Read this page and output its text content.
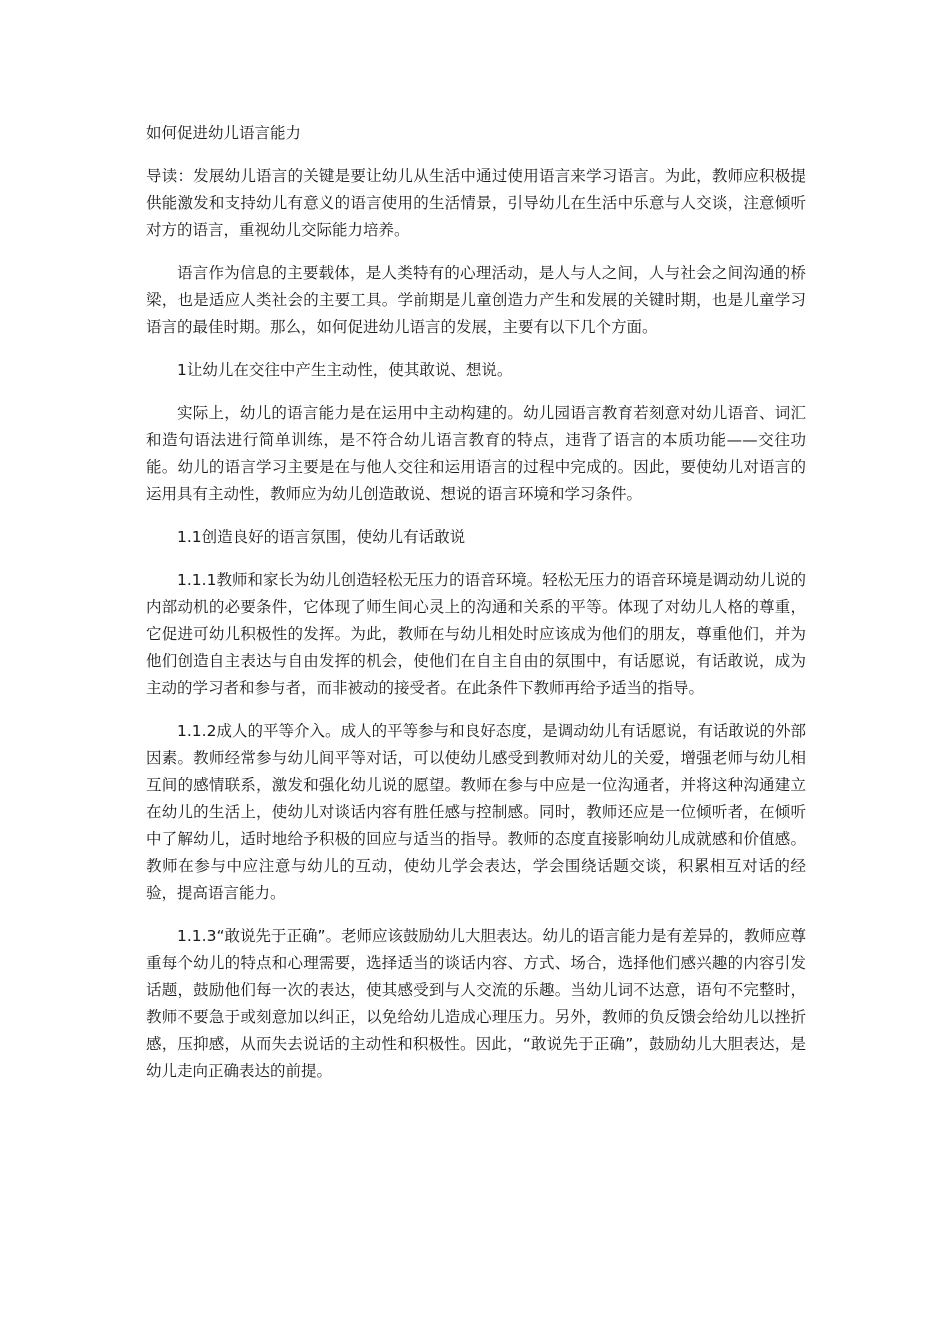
如何促进幼儿语言能力

导读：发展幼儿语言的关键是要让幼儿从生活中通过使用语言来学习语言。为此，教师应积极提供能激发和支持幼儿有意义的语言使用的生活情景，引导幼儿在生活中乐意与人交谈，注意倾听对方的语言，重视幼儿交际能力培养。

语言作为信息的主要载体，是人类特有的心理活动，是人与人之间，人与社会之间沟通的桥梁，也是适应人类社会的主要工具。学前期是儿童创造力产生和发展的关键时期，也是儿童学习语言的最佳时期。那么，如何促进幼儿语言的发展，主要有以下几个方面。

1让幼儿在交往中产生主动性，使其敢说、想说。

实际上，幼儿的语言能力是在运用中主动构建的。幼儿园语言教育若刻意对幼儿语音、词汇和造句语法进行简单训练，是不符合幼儿语言教育的特点，违背了语言的本质功能——交往功能。幼儿的语言学习主要是在与他人交往和运用语言的过程中完成的。因此，要使幼儿对语言的运用具有主动性，教师应为幼儿创造敢说、想说的语言环境和学习条件。

1.1创造良好的语言氛围，使幼儿有话敢说

1.1.1教师和家长为幼儿创造轻松无压力的语音环境。轻松无压力的语音环境是调动幼儿说的内部动机的必要条件，它体现了师生间心灵上的沟通和关系的平等。体现了对幼儿人格的尊重，它促进可幼儿积极性的发挥。为此，教师在与幼儿相处时应该成为他们的朋友，尊重他们，并为他们创造自主表达与自由发挥的机会，使他们在自主自由的氛围中，有话愿说，有话敢说，成为主动的学习者和参与者，而非被动的接受者。在此条件下教师再给予适当的指导。

1.1.2成人的平等介入。成人的平等参与和良好态度，是调动幼儿有话愿说，有话敢说的外部因素。教师经常参与幼儿间平等对话，可以使幼儿感受到教师对幼儿的关爱，增强老师与幼儿相互间的感情联系，激发和强化幼儿说的愿望。教师在参与中应是一位沟通者，并将这种沟通建立在幼儿的生活上，使幼儿对谈话内容有胜任感与控制感。同时，教师还应是一位倾听者，在倾听中了解幼儿，适时地给予积极的回应与适当的指导。教师的态度直接影响幼儿成就感和价值感。教师在参与中应注意与幼儿的互动，使幼儿学会表达，学会围绕话题交谈，积累相互对话的经验，提高语言能力。

1.1.3“敢说先于正确”。老师应该鼓励幼儿大胆表达。幼儿的语言能力是有差异的，教师应尊重每个幼儿的特点和心理需要，选择适当的谈话内容、方式、场合，选择他们感兴趣的内容引发话题，鼓励他们每一次的表达，使其感受到与人交流的乐趣。当幼儿词不达意，语句不完整时，教师不要急于或刻意加以纠正，以免给幼儿造成心理压力。另外，教师的负反馈会给幼儿以挫折感，压抑感，从而失去说话的主动性和积极性。因此，“敢说先于正确”，鼓励幼儿大胆表达，是幼儿走向正确表达的前提。
